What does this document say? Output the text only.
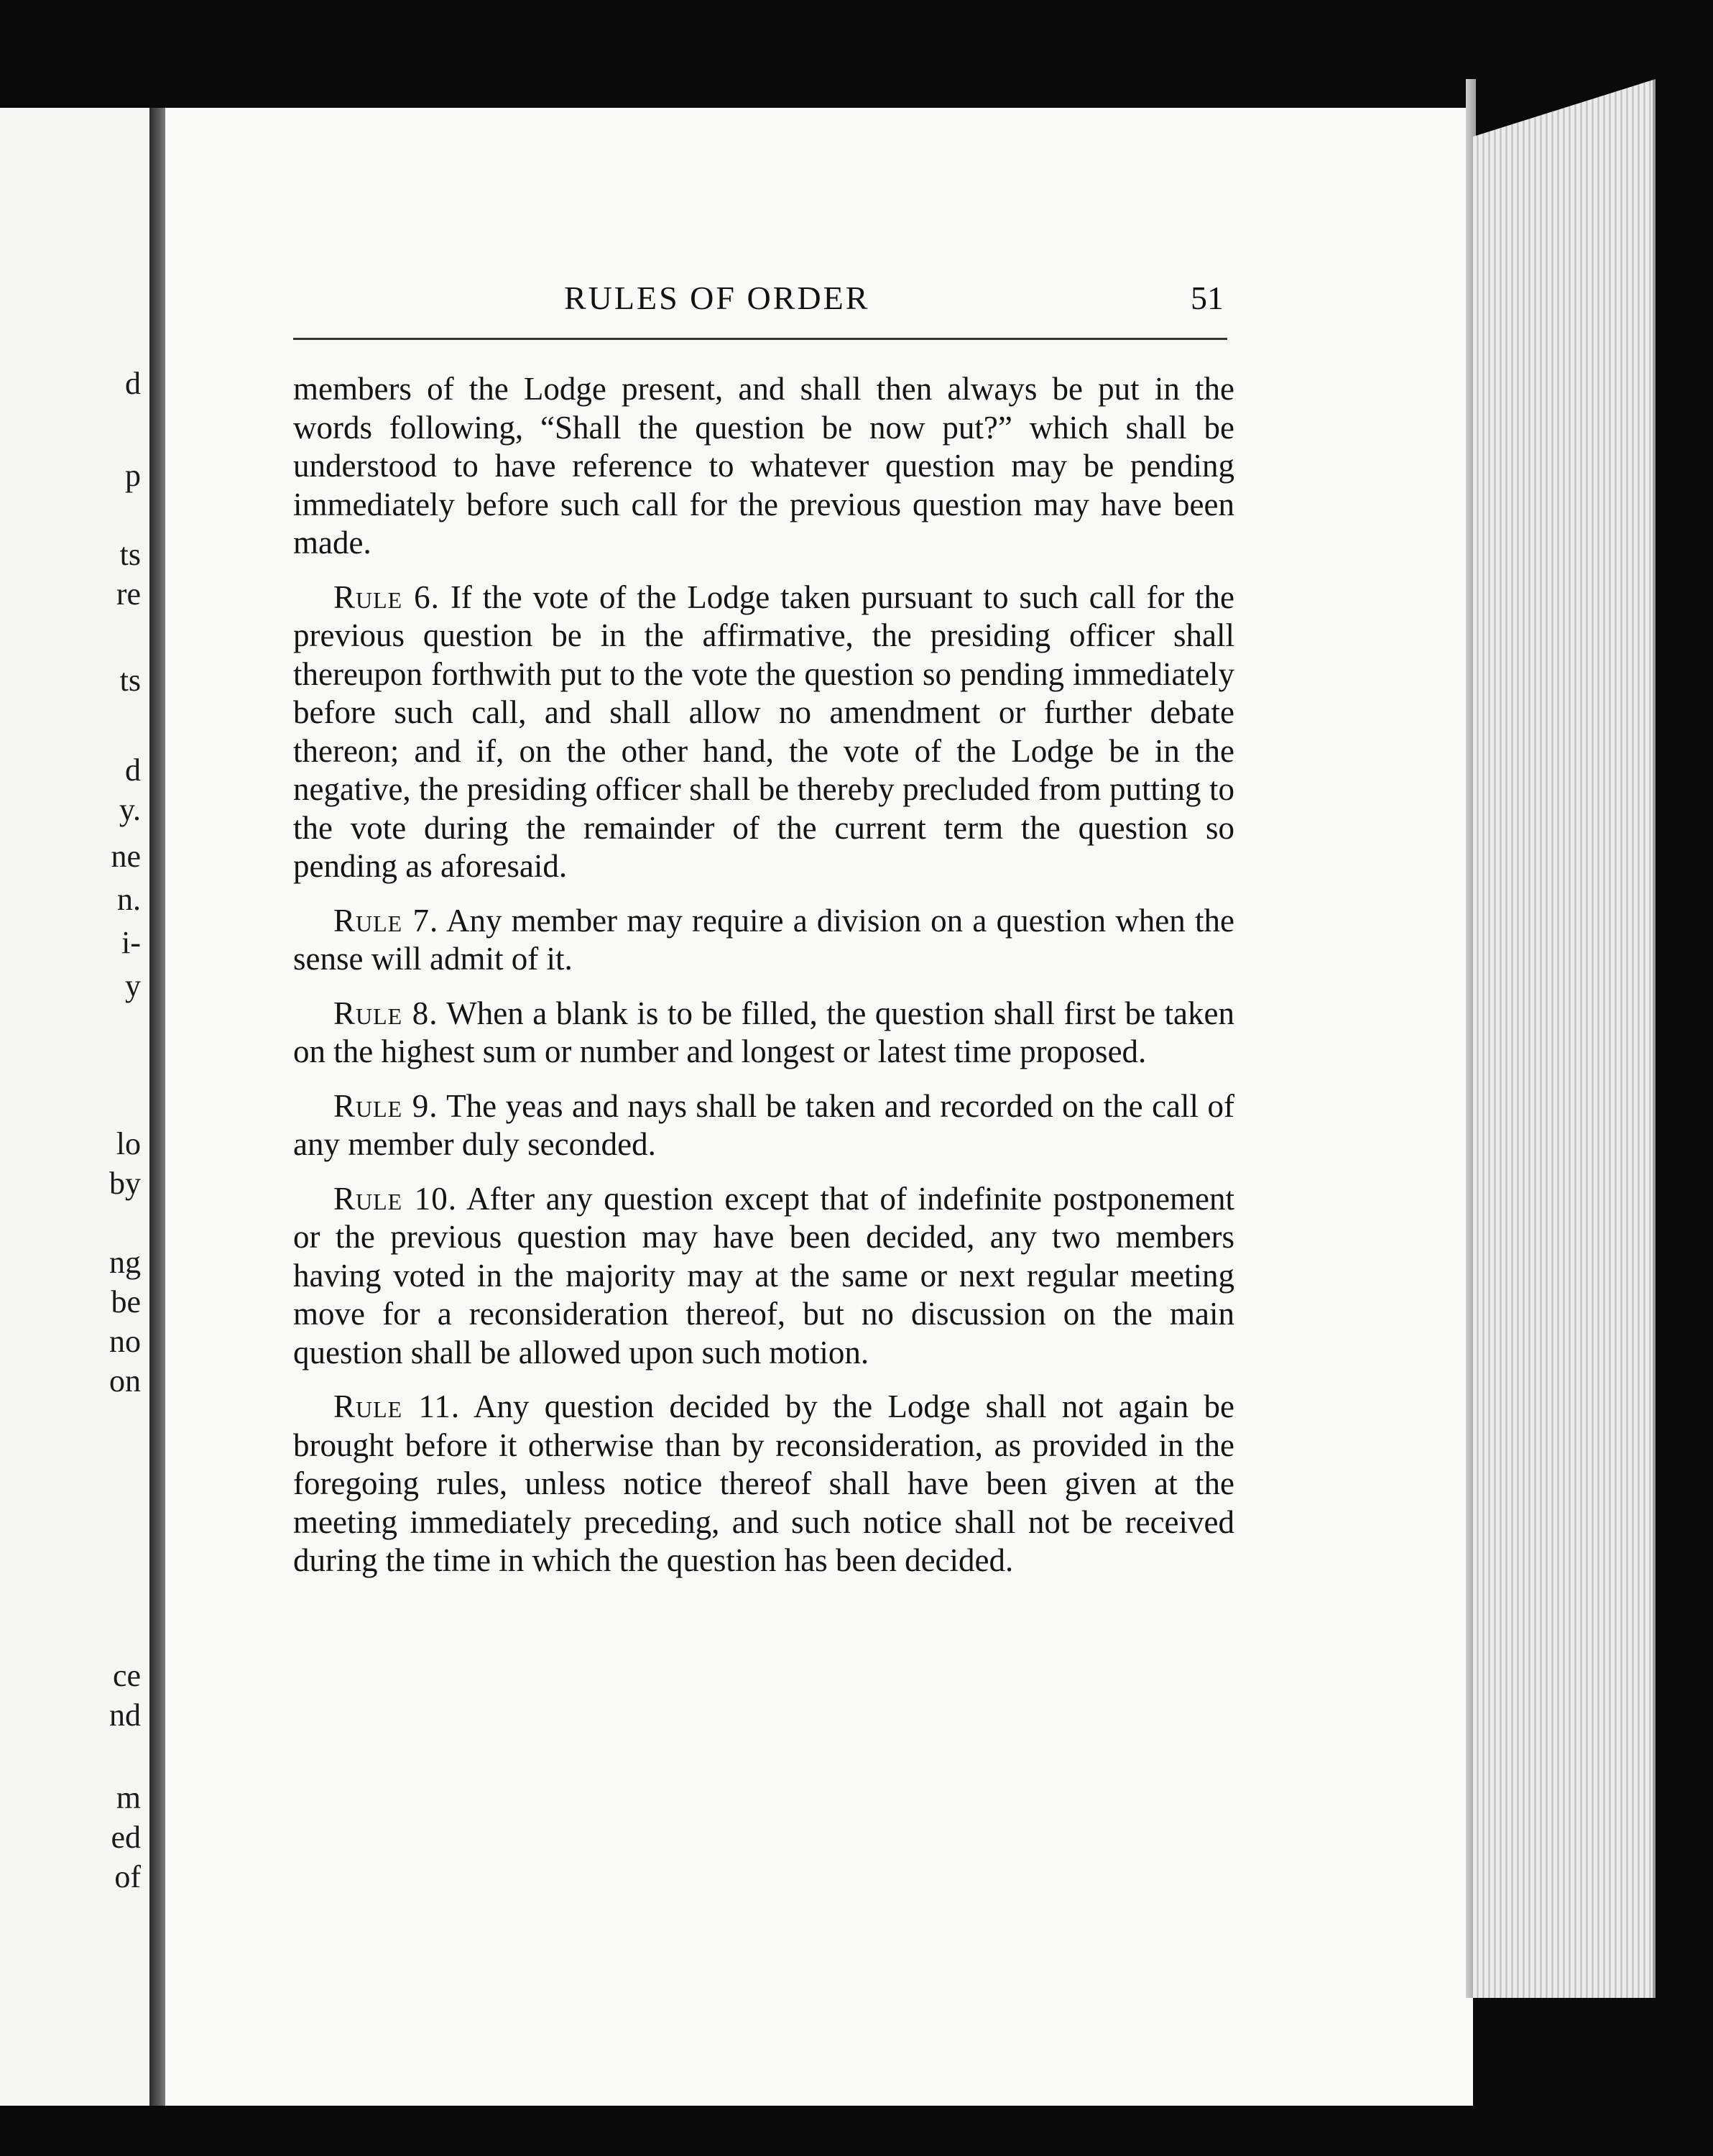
d
p
ts
re
ts
d
y.
ne
n.
i-
y
lo
by
ng
be
no
on
ce
nd
m
ed
of
RULES OF ORDER	51

members of the Lodge present, and shall then always be put in the words following, “Shall the question be now put?” which shall be understood to have reference to whatever question may be pending immediately before such call for the previous question may have been made.

Rule 6. If the vote of the Lodge taken pursuant to such call for the previous question be in the affirmative, the presiding officer shall thereupon forthwith put to the vote the question so pending immediately before such call, and shall allow no amendment or further debate thereon; and if, on the other hand, the vote of the Lodge be in the negative, the presiding officer shall be thereby precluded from putting to the vote during the remainder of the current term the question so pending as aforesaid.

Rule 7. Any member may require a division on a question when the sense will admit of it.

Rule 8. When a blank is to be filled, the question shall first be taken on the highest sum or number and longest or latest time proposed.

Rule 9. The yeas and nays shall be taken and recorded on the call of any member duly seconded.

Rule 10. After any question except that of indefinite postponement or the previous question may have been decided, any two members having voted in the majority may at the same or next regular meeting move for a reconsideration thereof, but no discussion on the main question shall be allowed upon such motion.

Rule 11. Any question decided by the Lodge shall not again be brought before it otherwise than by reconsideration, as provided in the foregoing rules, unless notice thereof shall have been given at the meeting immediately preceding, and such notice shall not be received during the time in which the question has been decided.
